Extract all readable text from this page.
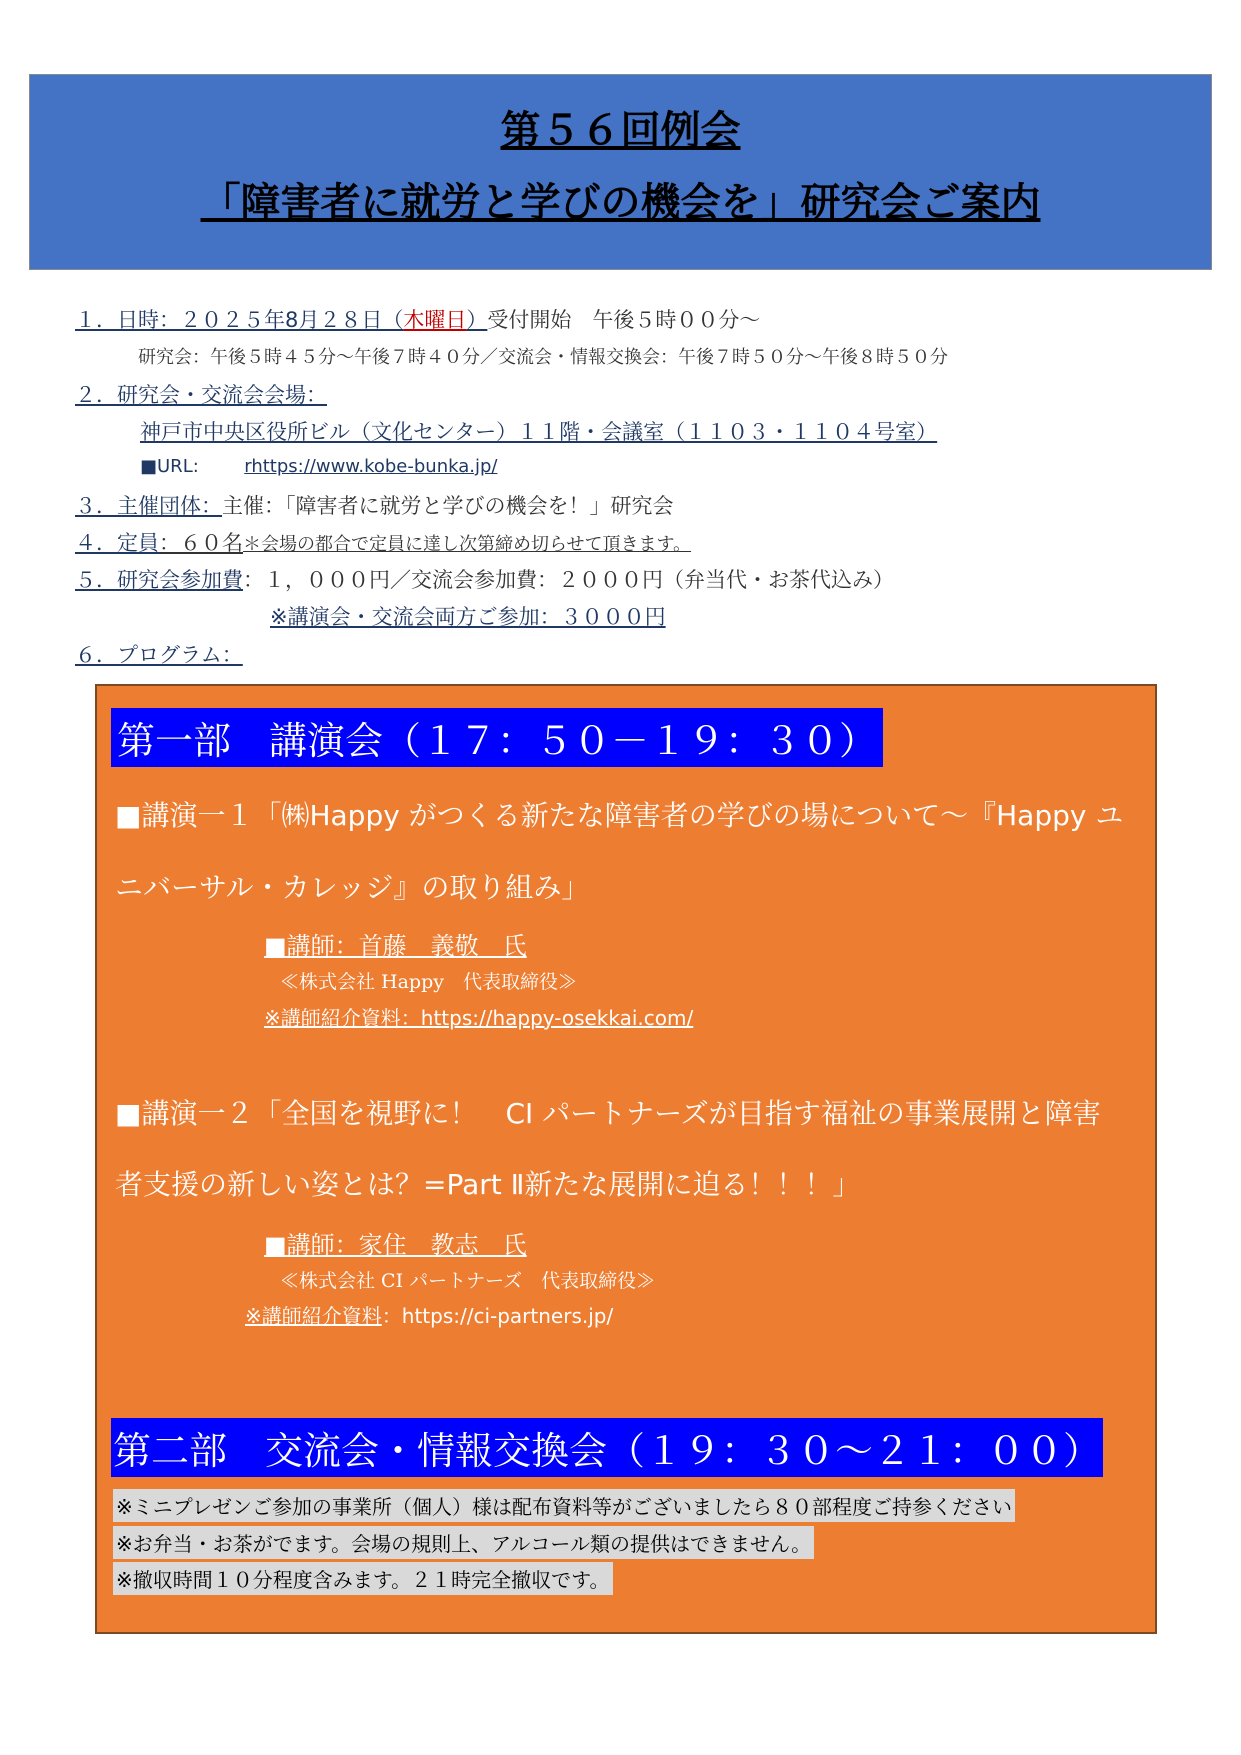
第５６回例会
「障害者に就労と学びの機会を」研究会ご案内
１．日時：２０２５年8月２８日（木曜日）受付開始　午後５時００分～
研究会：午後５時４５分～午後７時４０分／交流会・情報交換会：午後７時５０分～午後８時５０分
２．研究会・交流会会場：
神戸市中央区役所ビル（文化センター）１１階・会議室（１１０３・１１０４号室）
■URL:	rhttps://www.kobe-bunka.jp/
３．主催団体：主催：「障害者に就労と学びの機会を！」研究会
４．定員：６０名＊会場の都合で定員に達し次第締め切らせて頂きます。
５．研究会参加費：１，０００円／交流会参加費：２０００円（弁当代・お茶代込み）
※講演会・交流会両方ご参加：３０００円
６．プログラム：
第一部　講演会（１７：５０－１９：３０）
■講演一１「㈱Happy がつくる新たな障害者の学びの場について～『Happy ユ
ニバーサル・カレッジ』の取り組み」
■講師：首藤　義敬　氏
≪株式会社 Happy　代表取締役≫
※講師紹介資料：https://happy-osekkai.com/
■講演一２「全国を視野に！　CI パートナーズが目指す福祉の事業展開と障害
者支援の新しい姿とは？=Part Ⅱ新たな展開に迫る！！！」
■講師：家住　教志　氏
≪株式会社 CI パートナーズ　代表取締役≫
※講師紹介資料：https://ci-partners.jp/
第二部　交流会・情報交換会（１９：３０～２１：００）
※ミニプレゼンご参加の事業所（個人）様は配布資料等がございましたら８０部程度ご持参ください
※お弁当・お茶がでます。会場の規則上、アルコール類の提供はできません。
※撤収時間１０分程度含みます。２１時完全撤収です。
